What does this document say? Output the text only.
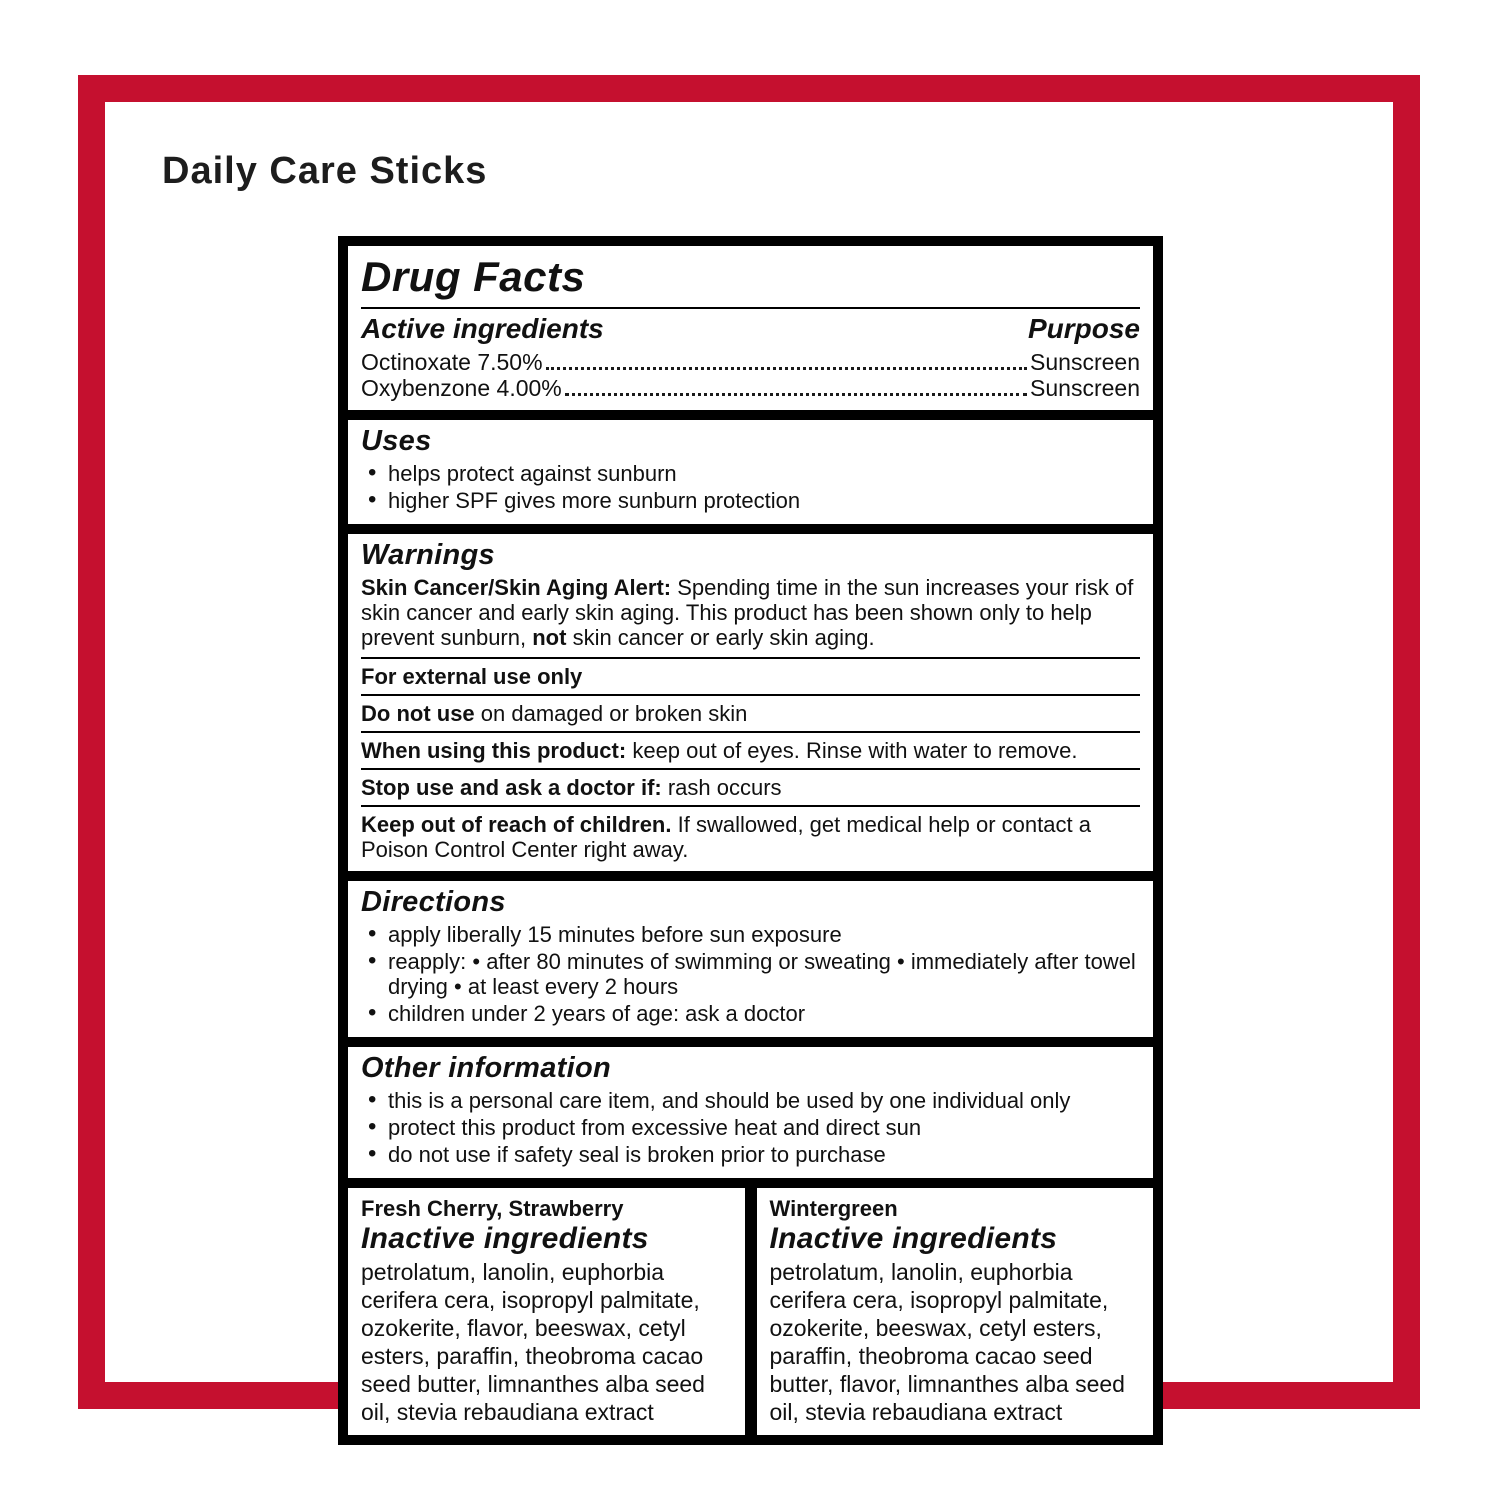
Daily Care Sticks
Drug Facts
Active ingredients	Purpose
Octinoxate 7.50%	Sunscreen
Oxybenzone 4.00%	Sunscreen
Uses
• helps protect against sunburn
• higher SPF gives more sunburn protection
Warnings

Skin Cancer/Skin Aging Alert: Spending time in the sun increases your risk of skin cancer and early skin aging. This product has been shown only to help prevent sunburn, not skin cancer or early skin aging.

For external use only
Do not use on damaged or broken skin
When using this product: keep out of eyes. Rinse with water to remove.
Stop use and ask a doctor if: rash occurs
Keep out of reach of children. If swallowed, get medical help or contact a Poison Control Center right away.
Directions
• apply liberally 15 minutes before sun exposure
• reapply: • after 80 minutes of swimming or sweating • immediately after towel drying • at least every 2 hours
• children under 2 years of age: ask a doctor
Other information
• this is a personal care item, and should be used by one individual only
• protect this product from excessive heat and direct sun
• do not use if safety seal is broken prior to purchase
Fresh Cherry, Strawberry
Inactive ingredients

petrolatum, lanolin, euphorbia cerifera cera, isopropyl palmitate, ozokerite, flavor, beeswax, cetyl esters, paraffin, theobroma cacao seed butter, limnanthes alba seed oil, stevia rebaudiana extract

Wintergreen
Inactive ingredients

petrolatum, lanolin, euphorbia cerifera cera, isopropyl palmitate, ozokerite, beeswax, cetyl esters, paraffin, theobroma cacao seed butter, flavor, limnanthes alba seed oil, stevia rebaudiana extract
